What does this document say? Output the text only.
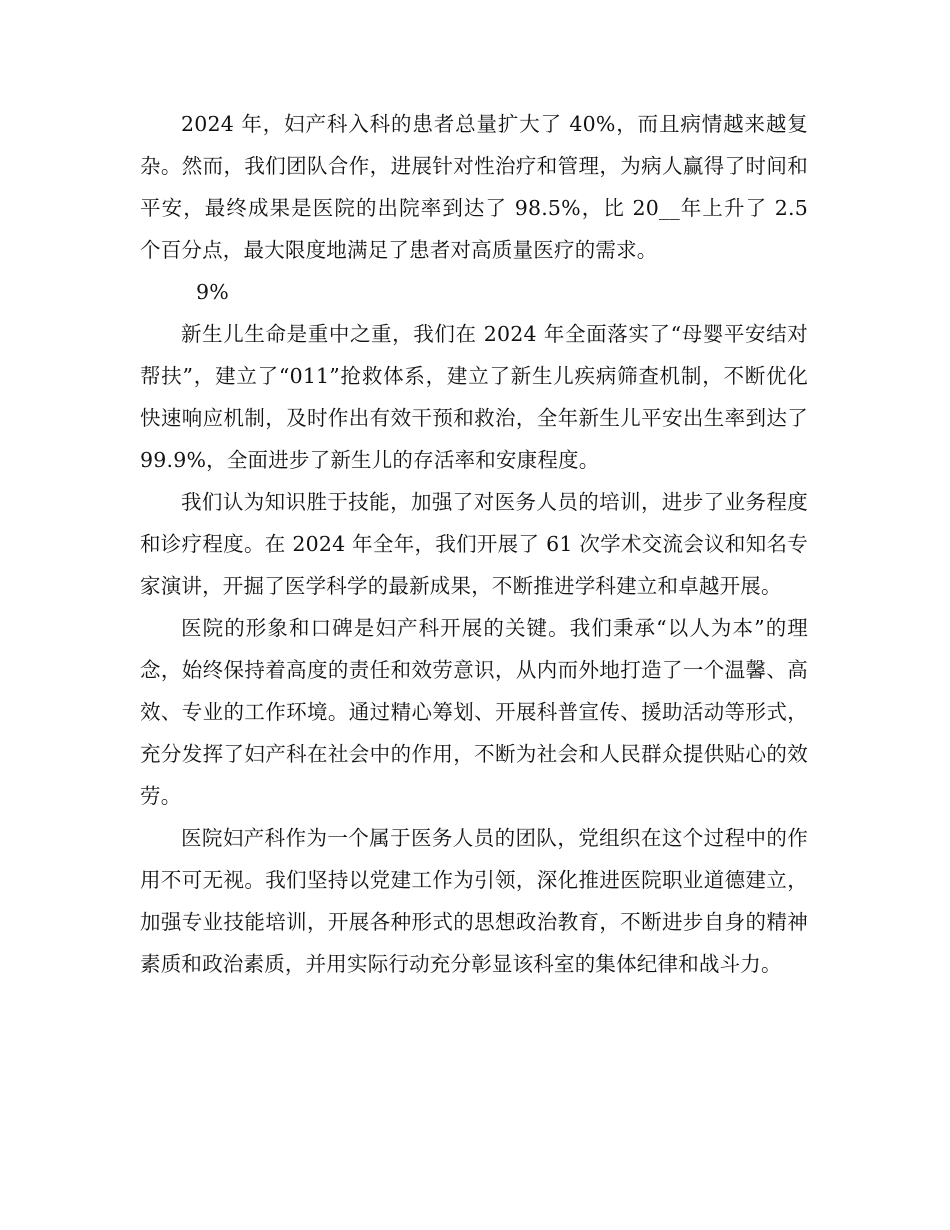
2024 年，妇产科入科的患者总量扩大了 40%，而且病情越来越复杂。然而，我们团队合作，进展针对性治疗和管理，为病人赢得了时间和平安，最终成果是医院的出院率到达了 98.5%，比 20__年上升了 2.5 个百分点，最大限度地满足了患者对高质量医疗的需求。

9%

新生儿生命是重中之重，我们在 2024 年全面落实了“母婴平安结对帮扶”，建立了“011”抢救体系，建立了新生儿疾病筛查机制，不断优化快速响应机制，及时作出有效干预和救治，全年新生儿平安出生率到达了 99.9%，全面进步了新生儿的存活率和安康程度。

我们认为知识胜于技能，加强了对医务人员的培训，进步了业务程度和诊疗程度。在 2024 年全年，我们开展了 61 次学术交流会议和知名专家演讲，开掘了医学科学的最新成果，不断推进学科建立和卓越开展。

医院的形象和口碑是妇产科开展的关键。我们秉承“以人为本”的理念，始终保持着高度的责任和效劳意识，从内而外地打造了一个温馨、高效、专业的工作环境。通过精心筹划、开展科普宣传、援助活动等形式，充分发挥了妇产科在社会中的作用，不断为社会和人民群众提供贴心的效劳。

医院妇产科作为一个属于医务人员的团队，党组织在这个过程中的作用不可无视。我们坚持以党建工作为引领，深化推进医院职业道德建立，加强专业技能培训，开展各种形式的思想政治教育，不断进步自身的精神素质和政治素质，并用实际行动充分彰显该科室的集体纪律和战斗力。
